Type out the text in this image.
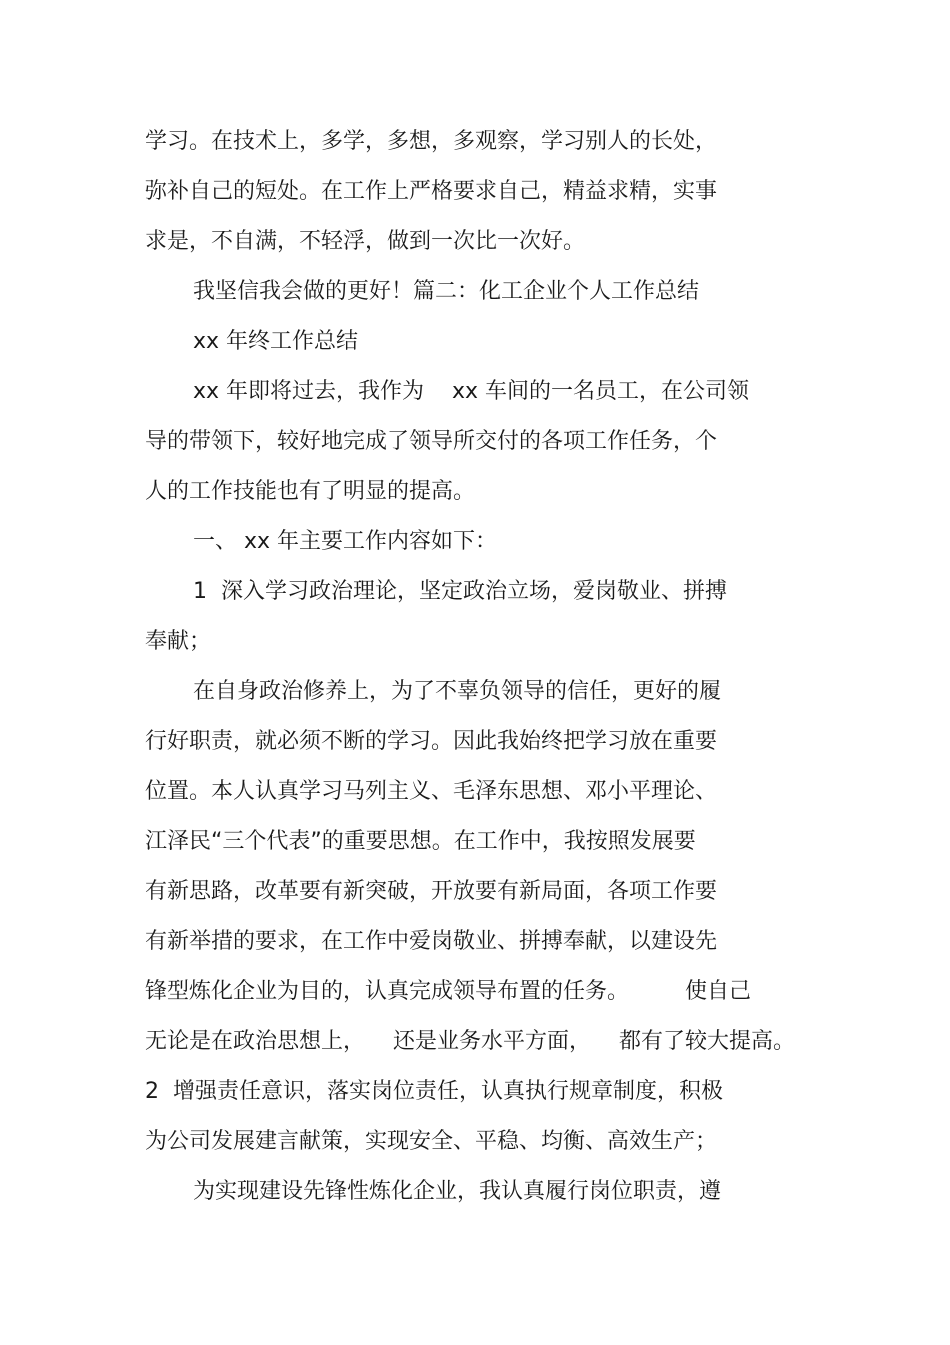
学习。在技术上，多学，多想，多观察，学习别人的长处，
弥补自己的短处。在工作上严格要求自己，精益求精，实事
求是，不自满，不轻浮，做到一次比一次好。
我坚信我会做的更好！篇二：化工企业个人工作总结
xx 年终工作总结
xx 年即将过去，我作为    xx 车间的一名员工，在公司领
导的带领下，较好地完成了领导所交付的各项工作任务，个
人的工作技能也有了明显的提高。
一、 xx 年主要工作内容如下：
1  深入学习政治理论，坚定政治立场，爱岗敬业、拼搏
奉献；
在自身政治修养上，为了不辜负领导的信任，更好的履
行好职责，就必须不断的学习。因此我始终把学习放在重要
位置。本人认真学习马列主义、毛泽东思想、邓小平理论、
江泽民“三个代表”的重要思想。在工作中，我按照发展要
有新思路，改革要有新突破，开放要有新局面，各项工作要
有新举措的要求，在工作中爱岗敬业、拼搏奉献，以建设先
锋型炼化企业为目的，认真完成领导布置的任务。        使自己
无论是在政治思想上，    还是业务水平方面，    都有了较大提高。
2  增强责任意识，落实岗位责任，认真执行规章制度，积极
为公司发展建言献策，实现安全、平稳、均衡、高效生产；
为实现建设先锋性炼化企业，我认真履行岗位职责，遵
